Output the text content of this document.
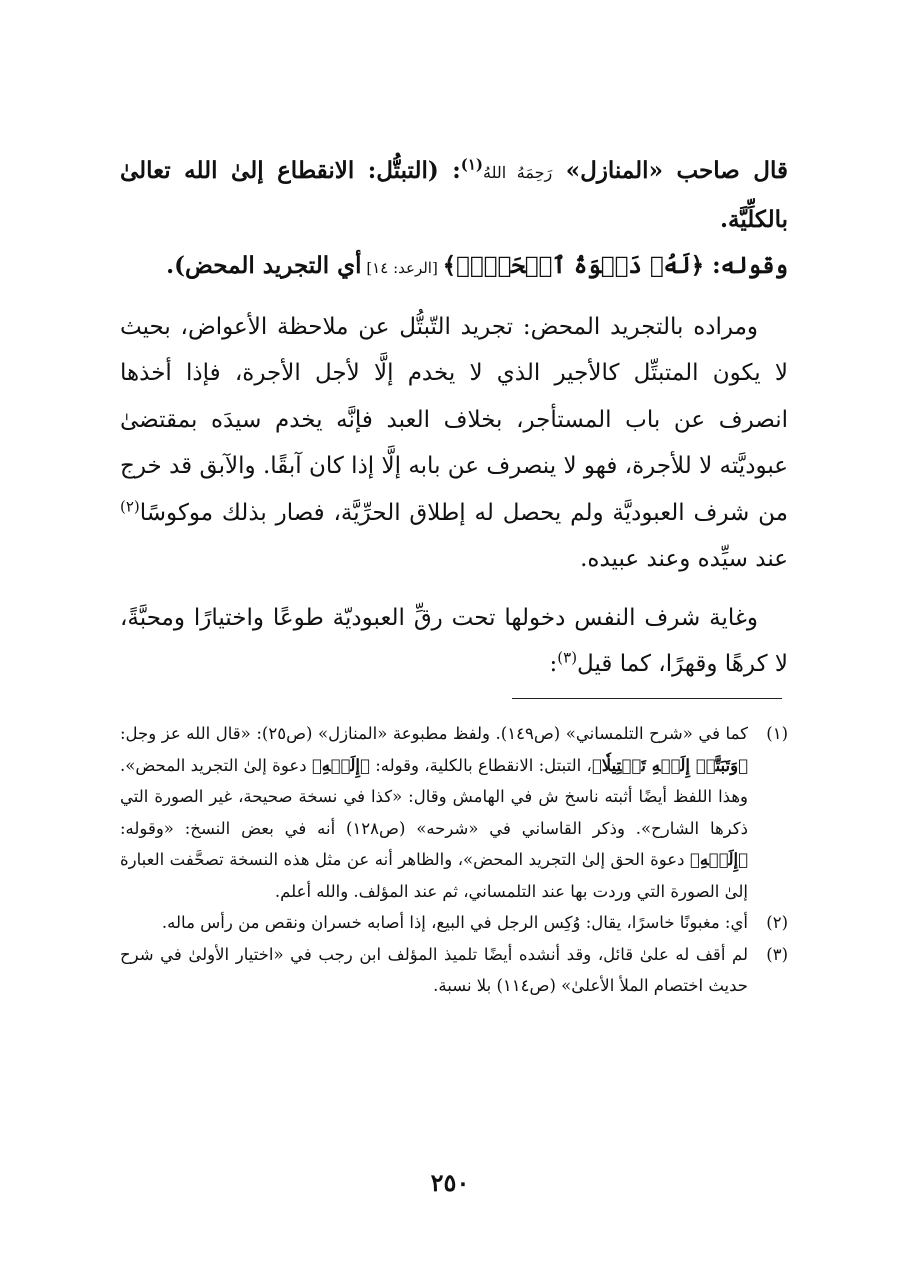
قال صاحب «المنازل» رَحِمَهُ اللهُ$^{(١)}$: (التبتُّل: الانقطاع إلىٰ الله تعالىٰ بالكلِّيَّة.

وقوله: ﴿لَهُۥ دَعۡوَةُ ٱلۡحَقِّۖ﴾ [الرعد: ١٤] أي التجريد المحض).

ومراده بالتجريد المحض: تجريد التّبتُّل عن ملاحظة الأعواض، بحيث لا يكون المتبتِّل كالأجير الذي لا يخدم إلَّا لأجل الأجرة، فإذا أخذها انصرف عن باب المستأجر، بخلاف العبد فإنَّه يخدم سيدَه بمقتضىٰ عبوديَّته لا للأجرة، فهو لا ينصرف عن بابه إلَّا إذا كان آبقًا. والآبق قد خرج من شرف العبوديَّة ولم يحصل له إطلاق الحرِّيَّة، فصار بذلك موكوسًا$^{(٢)}$ عند سيِّده وعند عبيده.

وغاية شرف النفس دخولها تحت رقِّ العبوديّة طوعًا واختيارًا ومحبَّةً، لا كرهًا وقهرًا، كما قيل$^{(٣)}$:

(١)
كما في «شرح التلمساني» (ص١٤٩). ولفظ مطبوعة «المنازل» (ص٢٥): «قال الله عز وجل: ﴿وَتَبَتَّلۡ إِلَيۡهِ تَبۡتِيلٗا﴾، التبتل: الانقطاع بالكلية، وقوله: ﴿إِلَيۡهِ﴾ دعوة إلىٰ التجريد المحض». وهذا اللفظ أيضًا أثبته ناسخ ش في الهامش وقال: «كذا في نسخة صحيحة، غير الصورة التي ذكرها الشارح». وذكر القاساني في «شرحه» (ص١٢٨) أنه في بعض النسخ: «وقوله: ﴿إِلَيۡهِ﴾ دعوة الحق إلىٰ التجريد المحض»، والظاهر أنه عن مثل هذه النسخة تصحَّفت العبارة إلىٰ الصورة التي وردت بها عند التلمساني، ثم عند المؤلف. والله أعلم.
(٢)
أي: مغبونًا خاسرًا، يقال: وُكِس الرجل في البيع، إذا أصابه خسران ونقص من رأس ماله.
(٣)
لم أقف له علىٰ قائل، وقد أنشده أيضًا تلميذ المؤلف ابن رجب في «اختيار الأولىٰ في شرح حديث اختصام الملأ الأعلىٰ» (ص١١٤) بلا نسبة.
٢٥٠
